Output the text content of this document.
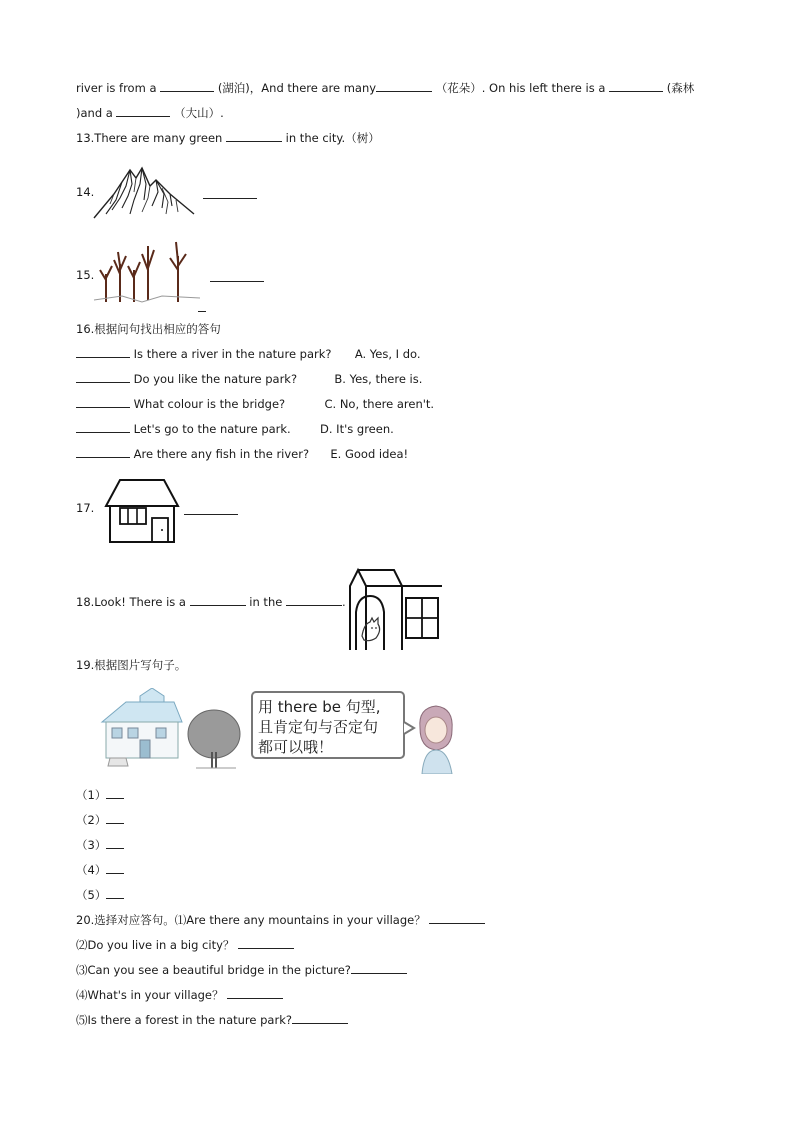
river is from a	(湖泊)，And there are many	（花朵）. On his left there is a	(森林
)and a	（大山）.
13.There are many green	in the city.（树）
14.
15.
16.根据问句找出相应的答句
Is there a river in the nature park? A. Yes, I do.
Do you like the nature park?	B. Yes, there is.
What colour is the bridge?	C. No, there aren't.
Let's go to the nature park.	D. It's green.
Are there any fish in the river? E. Good idea!
17.
18.Look! There is a	in the	.
19.根据图片写句子。
用 there be 句型,
且肯定句与否定句
都可以哦！
（1）
（2）
（3）
（4）
（5）
20.选择对应答句。⑴Are there any mountains in your village？
⑵Do you live in a big city？
⑶Can you see a beautiful bridge in the picture?
⑷What's in your village？
⑸Is there a forest in the nature park?
